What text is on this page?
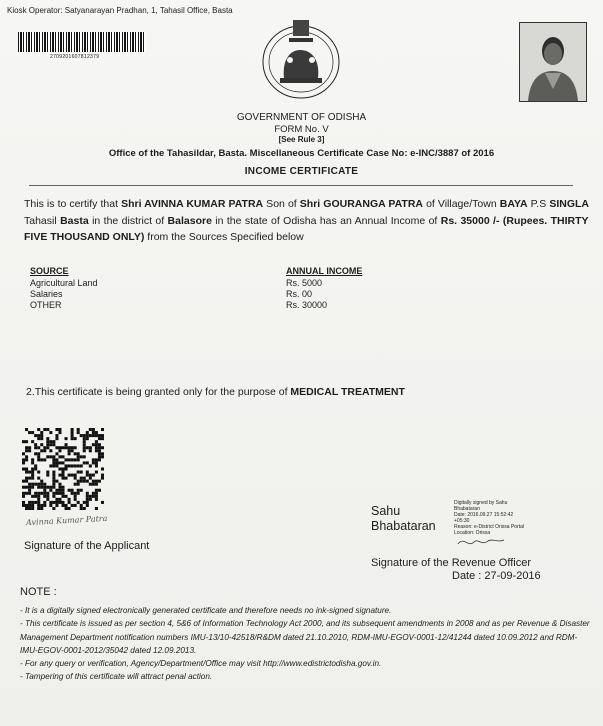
Kiosk Operator: Satyanarayan Pradhan, 1, Tahasil Office, Basta
2709201607812379
GOVERNMENT OF ODISHA
FORM No. V
[See Rule 3]
Office of the Tahasildar, Basta. Miscellaneous Certificate Case No: e-INC/3887 of 2016
INCOME CERTIFICATE
This is to certify that Shri AVINNA KUMAR PATRA Son of Shri GOURANGA PATRA of Village/Town BAYA P.S SINGLA Tahasil Basta in the district of Balasore in the state of Odisha has an Annual Income of Rs. 35000 /- (Rupees. THIRTY FIVE THOUSAND ONLY) from the Sources Specified below
SOURCE	ANNUAL INCOME
Agricultural Land	Rs. 5000
Salaries	Rs. 00
OTHER	Rs. 30000
2.This certificate is being granted only for the purpose of MEDICAL TREATMENT
Avinna Kumar Patra
Signature of the Applicant
Sahu
Bhabataran
Digitally signed by Sahu
Bhabataran
Date: 2016.09.27 15:52:42
+05:30
Reason: e-District Orissa Portal
Location: Orissa
Signature of the Revenue Officer
Date : 27-09-2016
NOTE :
- It is a digitally signed electronically generated certificate and therefore needs no ink-signed signature.
- This certificate is issued as per section 4, 5&6 of Information Technology Act 2000, and its subsequent amendments in 2008 and as per Revenue & Disaster Management Department notification numbers IMU-13/10-42518/R&DM dated 21.10.2010, RDM-IMU-EGOV-0001-12/41244 dated 10.09.2012 and RDM-IMU-EGOV-0001-2012/35042 dated 12.09.2013.
- For any query or verification, Agency/Department/Office may visit http://www.edistrictodisha.gov.in.
- Tampering of this certificate will attract penal action.
